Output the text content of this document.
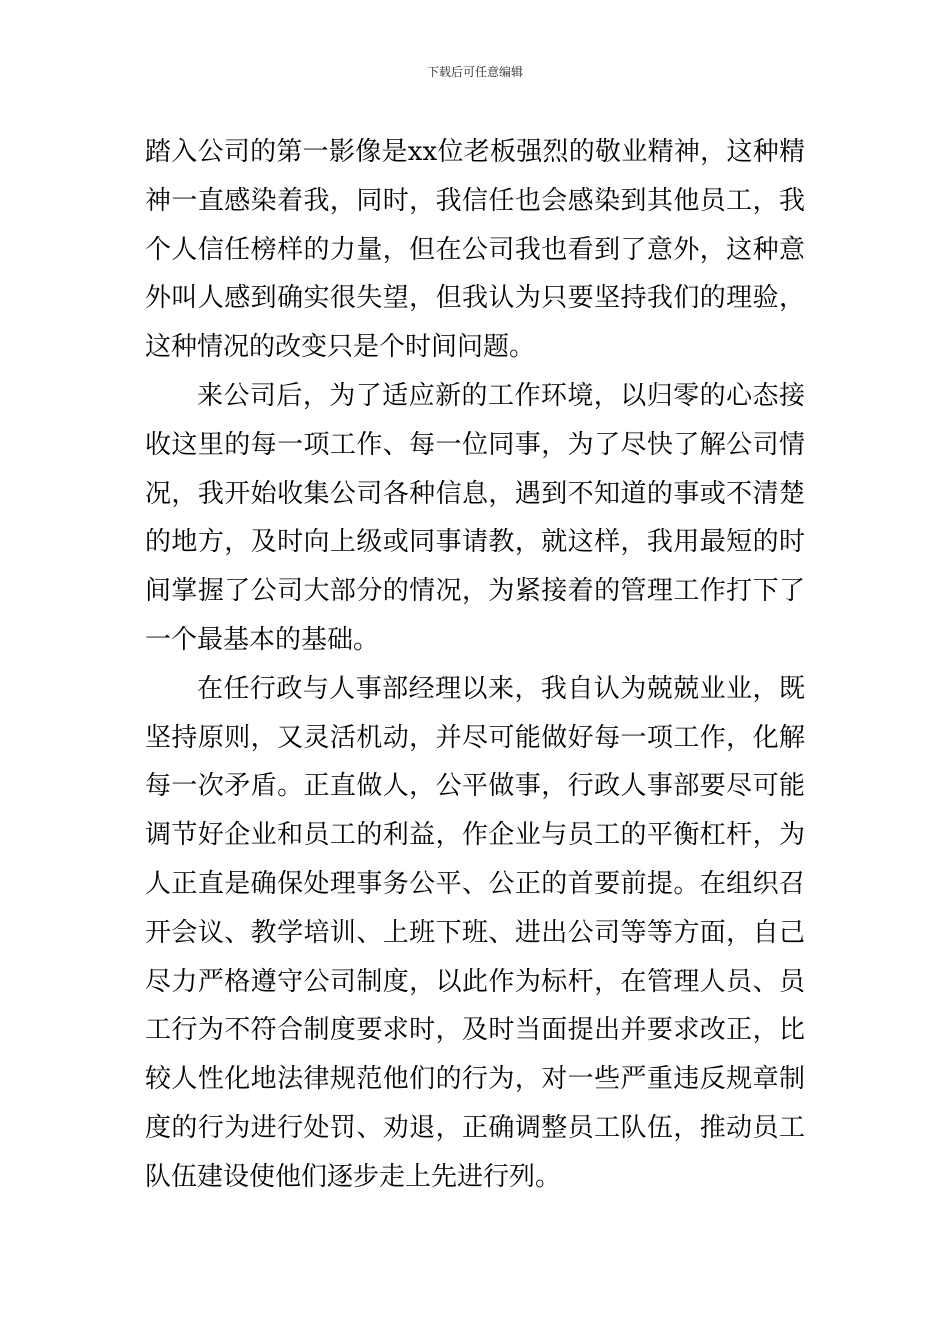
下载后可任意编辑

踏入公司的第一影像是xx位老板强烈的敬业精神，这种精神一直感染着我，同时，我信任也会感染到其他员工，我个人信任榜样的力量，但在公司我也看到了意外，这种意外叫人感到确实很失望，但我认为只要坚持我们的理验，这种情况的改变只是个时间问题。

来公司后，为了适应新的工作环境，以归零的心态接收这里的每一项工作、每一位同事，为了尽快了解公司情况，我开始收集公司各种信息，遇到不知道的事或不清楚的地方，及时向上级或同事请教，就这样，我用最短的时间掌握了公司大部分的情况，为紧接着的管理工作打下了一个最基本的基础。

在任行政与人事部经理以来，我自认为兢兢业业，既坚持原则，又灵活机动，并尽可能做好每一项工作，化解每一次矛盾。正直做人，公平做事，行政人事部要尽可能调节好企业和员工的利益，作企业与员工的平衡杠杆，为人正直是确保处理事务公平、公正的首要前提。在组织召开会议、教学培训、上班下班、进出公司等等方面，自己尽力严格遵守公司制度，以此作为标杆，在管理人员、员工行为不符合制度要求时，及时当面提出并要求改正，比较人性化地法律规范他们的行为，对一些严重违反规章制度的行为进行处罚、劝退，正确调整员工队伍，推动员工队伍建设使他们逐步走上先进行列。
